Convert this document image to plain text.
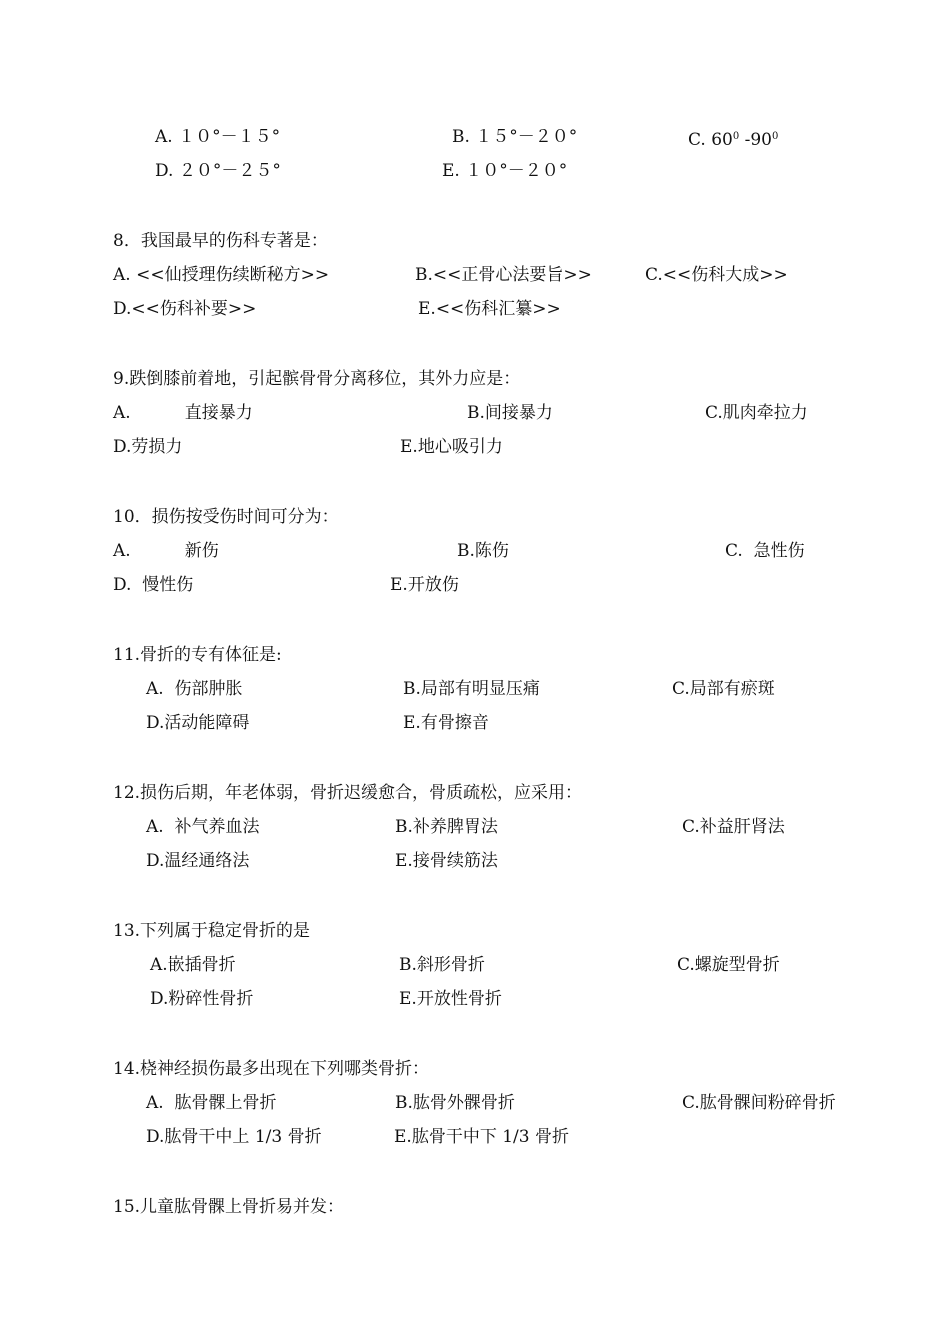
A. １０°－１５°	B. １５°－２０°	C. $60^0$ $-90^0$
D. ２０°－２５°	E. １０°－２０°
8．我国最早的伤科专著是：
A. <<仙授理伤续断秘方>>	B.<<正骨心法要旨>>	C.<<伤科大成>>
D.<<伤科补要>>	E.<<伤科汇纂>>
9.跌倒膝前着地，引起髌骨骨分离移位，其外力应是：
A.          直接暴力	B.间接暴力	C.肌肉牵拉力
D.劳损力	E.地心吸引力
10．损伤按受伤时间可分为：
A.          新伤	B.陈伤	C.  急性伤
D.  慢性伤	E.开放伤
11.骨折的专有体征是:
A.  伤部肿胀	B.局部有明显压痛	C.局部有瘀斑
D.活动能障碍	E.有骨擦音
12.损伤后期，年老体弱，骨折迟缓愈合，骨质疏松，应采用：
A.  补气养血法	B.补养脾胃法	C.补益肝肾法
D.温经通络法	E.接骨续筋法
13.下列属于稳定骨折的是
A.嵌插骨折	B.斜形骨折	C.螺旋型骨折
D.粉碎性骨折	E.开放性骨折
14.桡神经损伤最多出现在下列哪类骨折：
A.  肱骨髁上骨折	B.肱骨外髁骨折	C.肱骨髁间粉碎骨折
D.肱骨干中上 1/3 骨折	E.肱骨干中下 1/3 骨折
15.儿童肱骨髁上骨折易并发：
